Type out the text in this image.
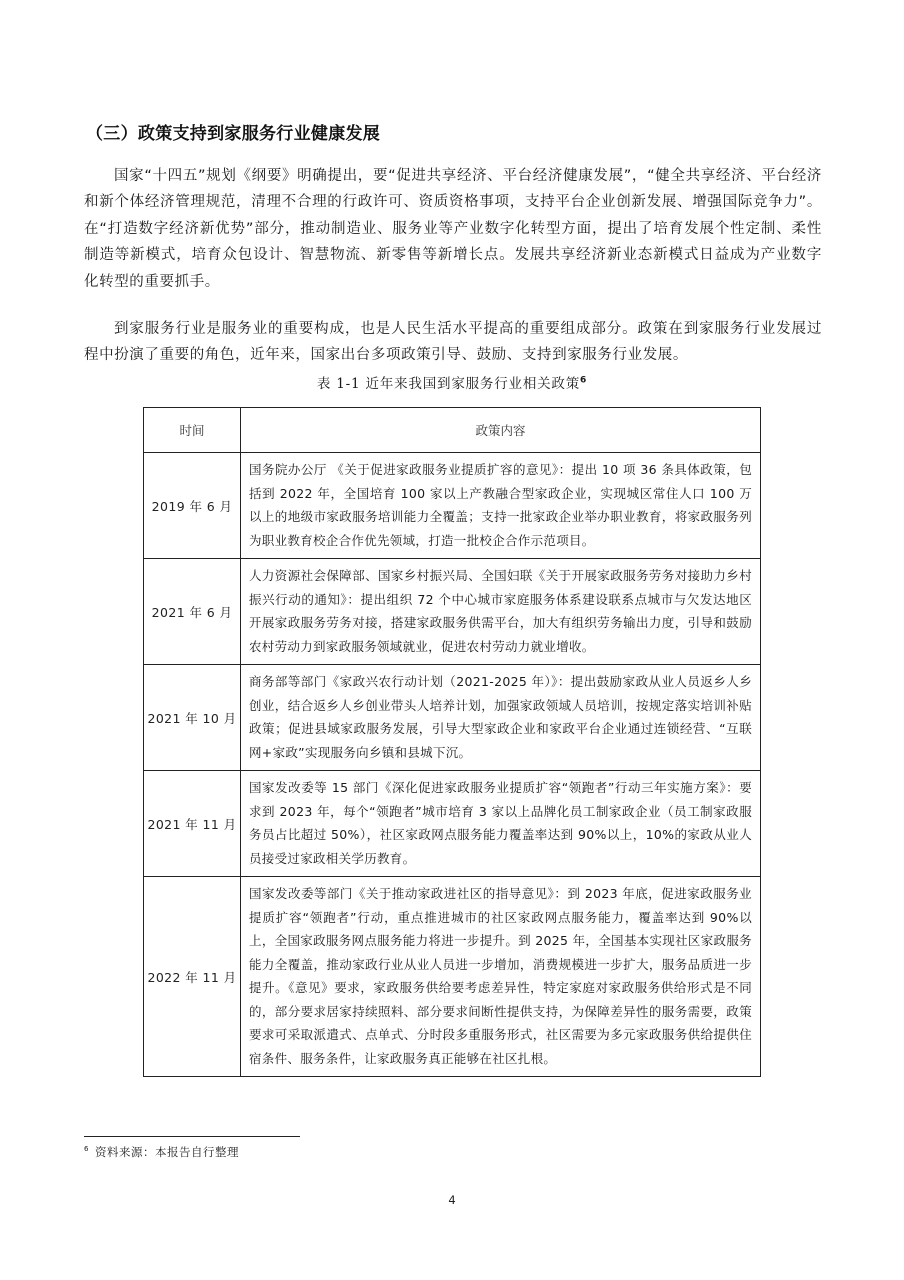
（三）政策支持到家服务行业健康发展

国家“十四五”规划《纲要》明确提出，要“促进共享经济、平台经济健康发展”，“健全共享经济、平台经济和新个体经济管理规范，清理不合理的行政许可、资质资格事项，支持平台企业创新发展、增强国际竞争力”。在“打造数字经济新优势”部分，推动制造业、服务业等产业数字化转型方面，提出了培育发展个性定制、柔性制造等新模式，培育众包设计、智慧物流、新零售等新增长点。发展共享经济新业态新模式日益成为产业数字化转型的重要抓手。

到家服务行业是服务业的重要构成，也是人民生活水平提高的重要组成部分。政策在到家服务行业发展过程中扮演了重要的角色，近年来，国家出台多项政策引导、鼓励、支持到家服务行业发展。

表 1-1 近年来我国到家服务行业相关政策$^6$
时间	政策内容
2019 年 6 月	国务院办公厅 《关于促进家政服务业提质扩容的意见》：提出 10 项 36 条具体政策，包括到 2022 年，全国培育 100 家以上产教融合型家政企业，实现城区常住人口 100 万以上的地级市家政服务培训能力全覆盖；支持一批家政企业举办职业教育，将家政服务列为职业教育校企合作优先领域，打造一批校企合作示范项目。
2021 年 6 月	人力资源社会保障部、国家乡村振兴局、全国妇联《关于开展家政服务劳务对接助力乡村振兴行动的通知》：提出组织 72 个中心城市家庭服务体系建设联系点城市与欠发达地区开展家政服务劳务对接，搭建家政服务供需平台，加大有组织劳务输出力度，引导和鼓励农村劳动力到家政服务领域就业，促进农村劳动力就业增收。
2021 年 10 月	商务部等部门《家政兴农行动计划（2021-2025 年）》：提出鼓励家政从业人员返乡人乡创业，结合返乡人乡创业带头人培养计划，加强家政领域人员培训，按规定落实培训补贴政策；促进县域家政服务发展，引导大型家政企业和家政平台企业通过连锁经营、“互联网+家政”实现服务向乡镇和县城下沉。
2021 年 11 月	国家发改委等 15 部门《深化促进家政服务业提质扩容“领跑者”行动三年实施方案》：要求到 2023 年，每个“领跑者”城市培育 3 家以上品牌化员工制家政企业（员工制家政服务员占比超过 50%），社区家政网点服务能力覆盖率达到 90%以上，10%的家政从业人员接受过家政相关学历教育。
2022 年 11 月	国家发改委等部门《关于推动家政进社区的指导意见》：到 2023 年底，促进家政服务业提质扩容“领跑者”行动，重点推进城市的社区家政网点服务能力，覆盖率达到 90%以上，全国家政服务网点服务能力将进一步提升。到 2025 年，全国基本实现社区家政服务能力全覆盖，推动家政行业从业人员进一步增加，消费规模进一步扩大，服务品质进一步提升。《意见》要求，家政服务供给要考虑差异性，特定家庭对家政服务供给形式是不同的，部分要求居家持续照料、部分要求间断性提供支持，为保障差异性的服务需要，政策要求可采取派遣式、点单式、分时段多重服务形式，社区需要为多元家政服务供给提供住宿条件、服务条件，让家政服务真正能够在社区扎根。
$^6$ 资料来源：本报告自行整理
4
